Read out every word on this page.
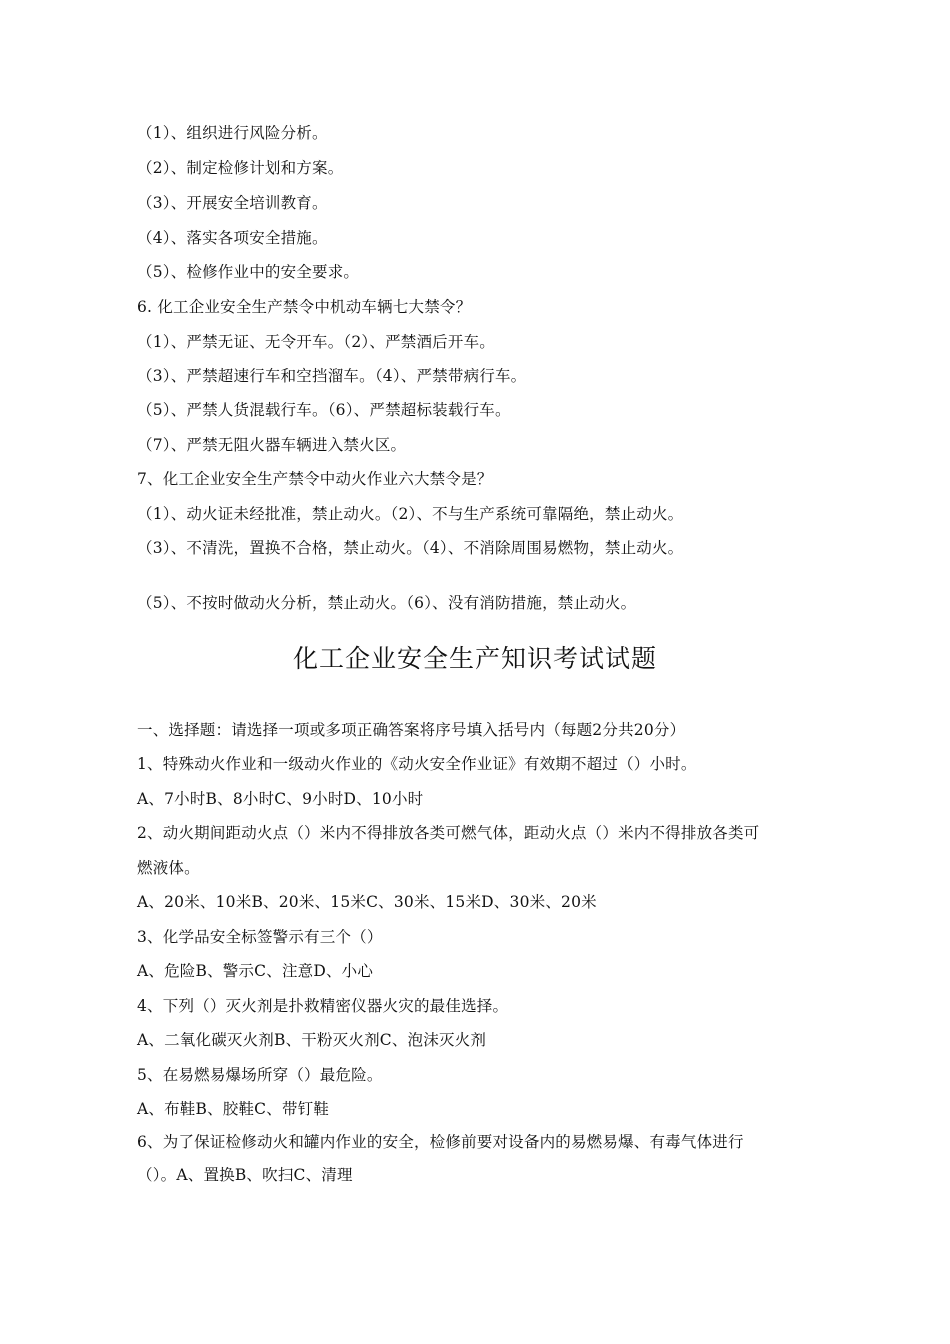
（1）、组织进行风险分析。
（2）、制定检修计划和方案。
（3）、开展安全培训教育。
（4）、落实各项安全措施。
（5）、检修作业中的安全要求。
6. 化工企业安全生产禁令中机动车辆七大禁令？
（1）、严禁无证、无令开车。（2）、严禁酒后开车。
（3）、严禁超速行车和空挡溜车。（4）、严禁带病行车。
（5）、严禁人货混载行车。（6）、严禁超标装载行车。
（7）、严禁无阻火器车辆进入禁火区。
7、化工企业安全生产禁令中动火作业六大禁令是？
（1）、动火证未经批准，禁止动火。（2）、不与生产系统可靠隔绝，禁止动火。
（3）、不清洗，置换不合格，禁止动火。（4）、不消除周围易燃物，禁止动火。
（5）、不按时做动火分析，禁止动火。（6）、没有消防措施，禁止动火。
化工企业安全生产知识考试试题
一、选择题：请选择一项或多项正确答案将序号填入括号内（每题2分共20分）
1、特殊动火作业和一级动火作业的《动火安全作业证》有效期不超过（）小时。
A、7小时B、8小时C、9小时D、10小时
2、动火期间距动火点（）米内不得排放各类可燃气体，距动火点（）米内不得排放各类可
燃液体。
A、20米、10米B、20米、15米C、30米、15米D、30米、20米
3、化学品安全标签警示有三个（）
A、危险B、警示C、注意D、小心
4、下列（）灭火剂是扑救精密仪器火灾的最佳选择。
A、二氧化碳灭火剂B、干粉灭火剂C、泡沫灭火剂
5、在易燃易爆场所穿（）最危险。
A、布鞋B、胶鞋C、带钉鞋
6、为了保证检修动火和罐内作业的安全，检修前要对设备内的易燃易爆、有毒气体进行
（）。A、置换B、吹扫C、清理
